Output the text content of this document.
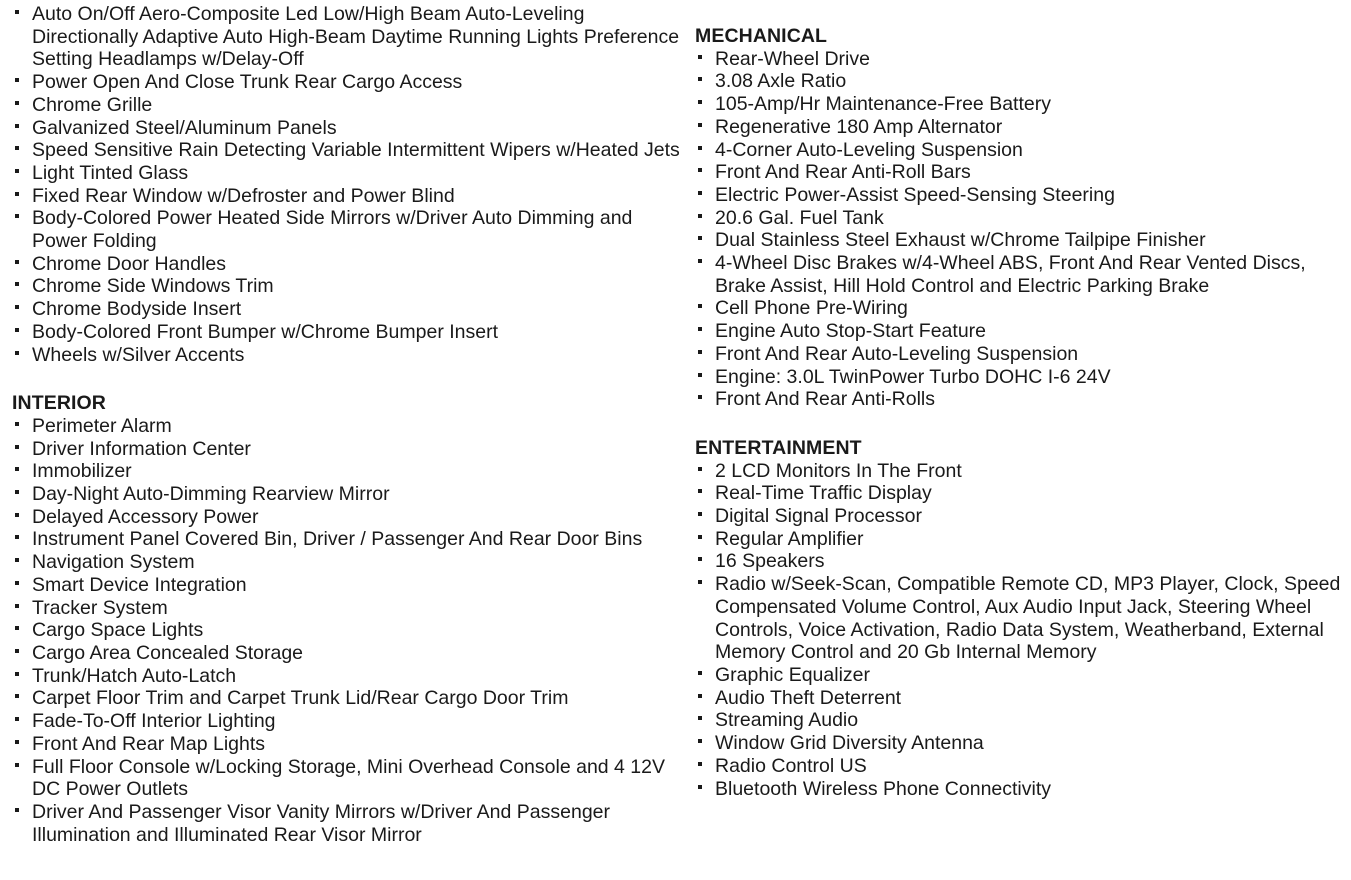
Auto On/Off Aero-Composite Led Low/High Beam Auto-Leveling Directionally Adaptive Auto High-Beam Daytime Running Lights Preference Setting Headlamps w/Delay-Off
Power Open And Close Trunk Rear Cargo Access
Chrome Grille
Galvanized Steel/Aluminum Panels
Speed Sensitive Rain Detecting Variable Intermittent Wipers w/Heated Jets
Light Tinted Glass
Fixed Rear Window w/Defroster and Power Blind
Body-Colored Power Heated Side Mirrors w/Driver Auto Dimming and Power Folding
Chrome Door Handles
Chrome Side Windows Trim
Chrome Bodyside Insert
Body-Colored Front Bumper w/Chrome Bumper Insert
Wheels w/Silver Accents
INTERIOR
Perimeter Alarm
Driver Information Center
Immobilizer
Day-Night Auto-Dimming Rearview Mirror
Delayed Accessory Power
Instrument Panel Covered Bin, Driver / Passenger And Rear Door Bins
Navigation System
Smart Device Integration
Tracker System
Cargo Space Lights
Cargo Area Concealed Storage
Trunk/Hatch Auto-Latch
Carpet Floor Trim and Carpet Trunk Lid/Rear Cargo Door Trim
Fade-To-Off Interior Lighting
Front And Rear Map Lights
Full Floor Console w/Locking Storage, Mini Overhead Console and 4 12V DC Power Outlets
Driver And Passenger Visor Vanity Mirrors w/Driver And Passenger Illumination and Illuminated Rear Visor Mirror
MECHANICAL
Rear-Wheel Drive
3.08 Axle Ratio
105-Amp/Hr Maintenance-Free Battery
Regenerative 180 Amp Alternator
4-Corner Auto-Leveling Suspension
Front And Rear Anti-Roll Bars
Electric Power-Assist Speed-Sensing Steering
20.6 Gal. Fuel Tank
Dual Stainless Steel Exhaust w/Chrome Tailpipe Finisher
4-Wheel Disc Brakes w/4-Wheel ABS, Front And Rear Vented Discs, Brake Assist, Hill Hold Control and Electric Parking Brake
Cell Phone Pre-Wiring
Engine Auto Stop-Start Feature
Front And Rear Auto-Leveling Suspension
Engine: 3.0L TwinPower Turbo DOHC I-6 24V
Front And Rear Anti-Rolls
ENTERTAINMENT
2 LCD Monitors In The Front
Real-Time Traffic Display
Digital Signal Processor
Regular Amplifier
16 Speakers
Radio w/Seek-Scan, Compatible Remote CD, MP3 Player, Clock, Speed Compensated Volume Control, Aux Audio Input Jack, Steering Wheel Controls, Voice Activation, Radio Data System, Weatherband, External Memory Control and 20 Gb Internal Memory
Graphic Equalizer
Audio Theft Deterrent
Streaming Audio
Window Grid Diversity Antenna
Radio Control US
Bluetooth Wireless Phone Connectivity
